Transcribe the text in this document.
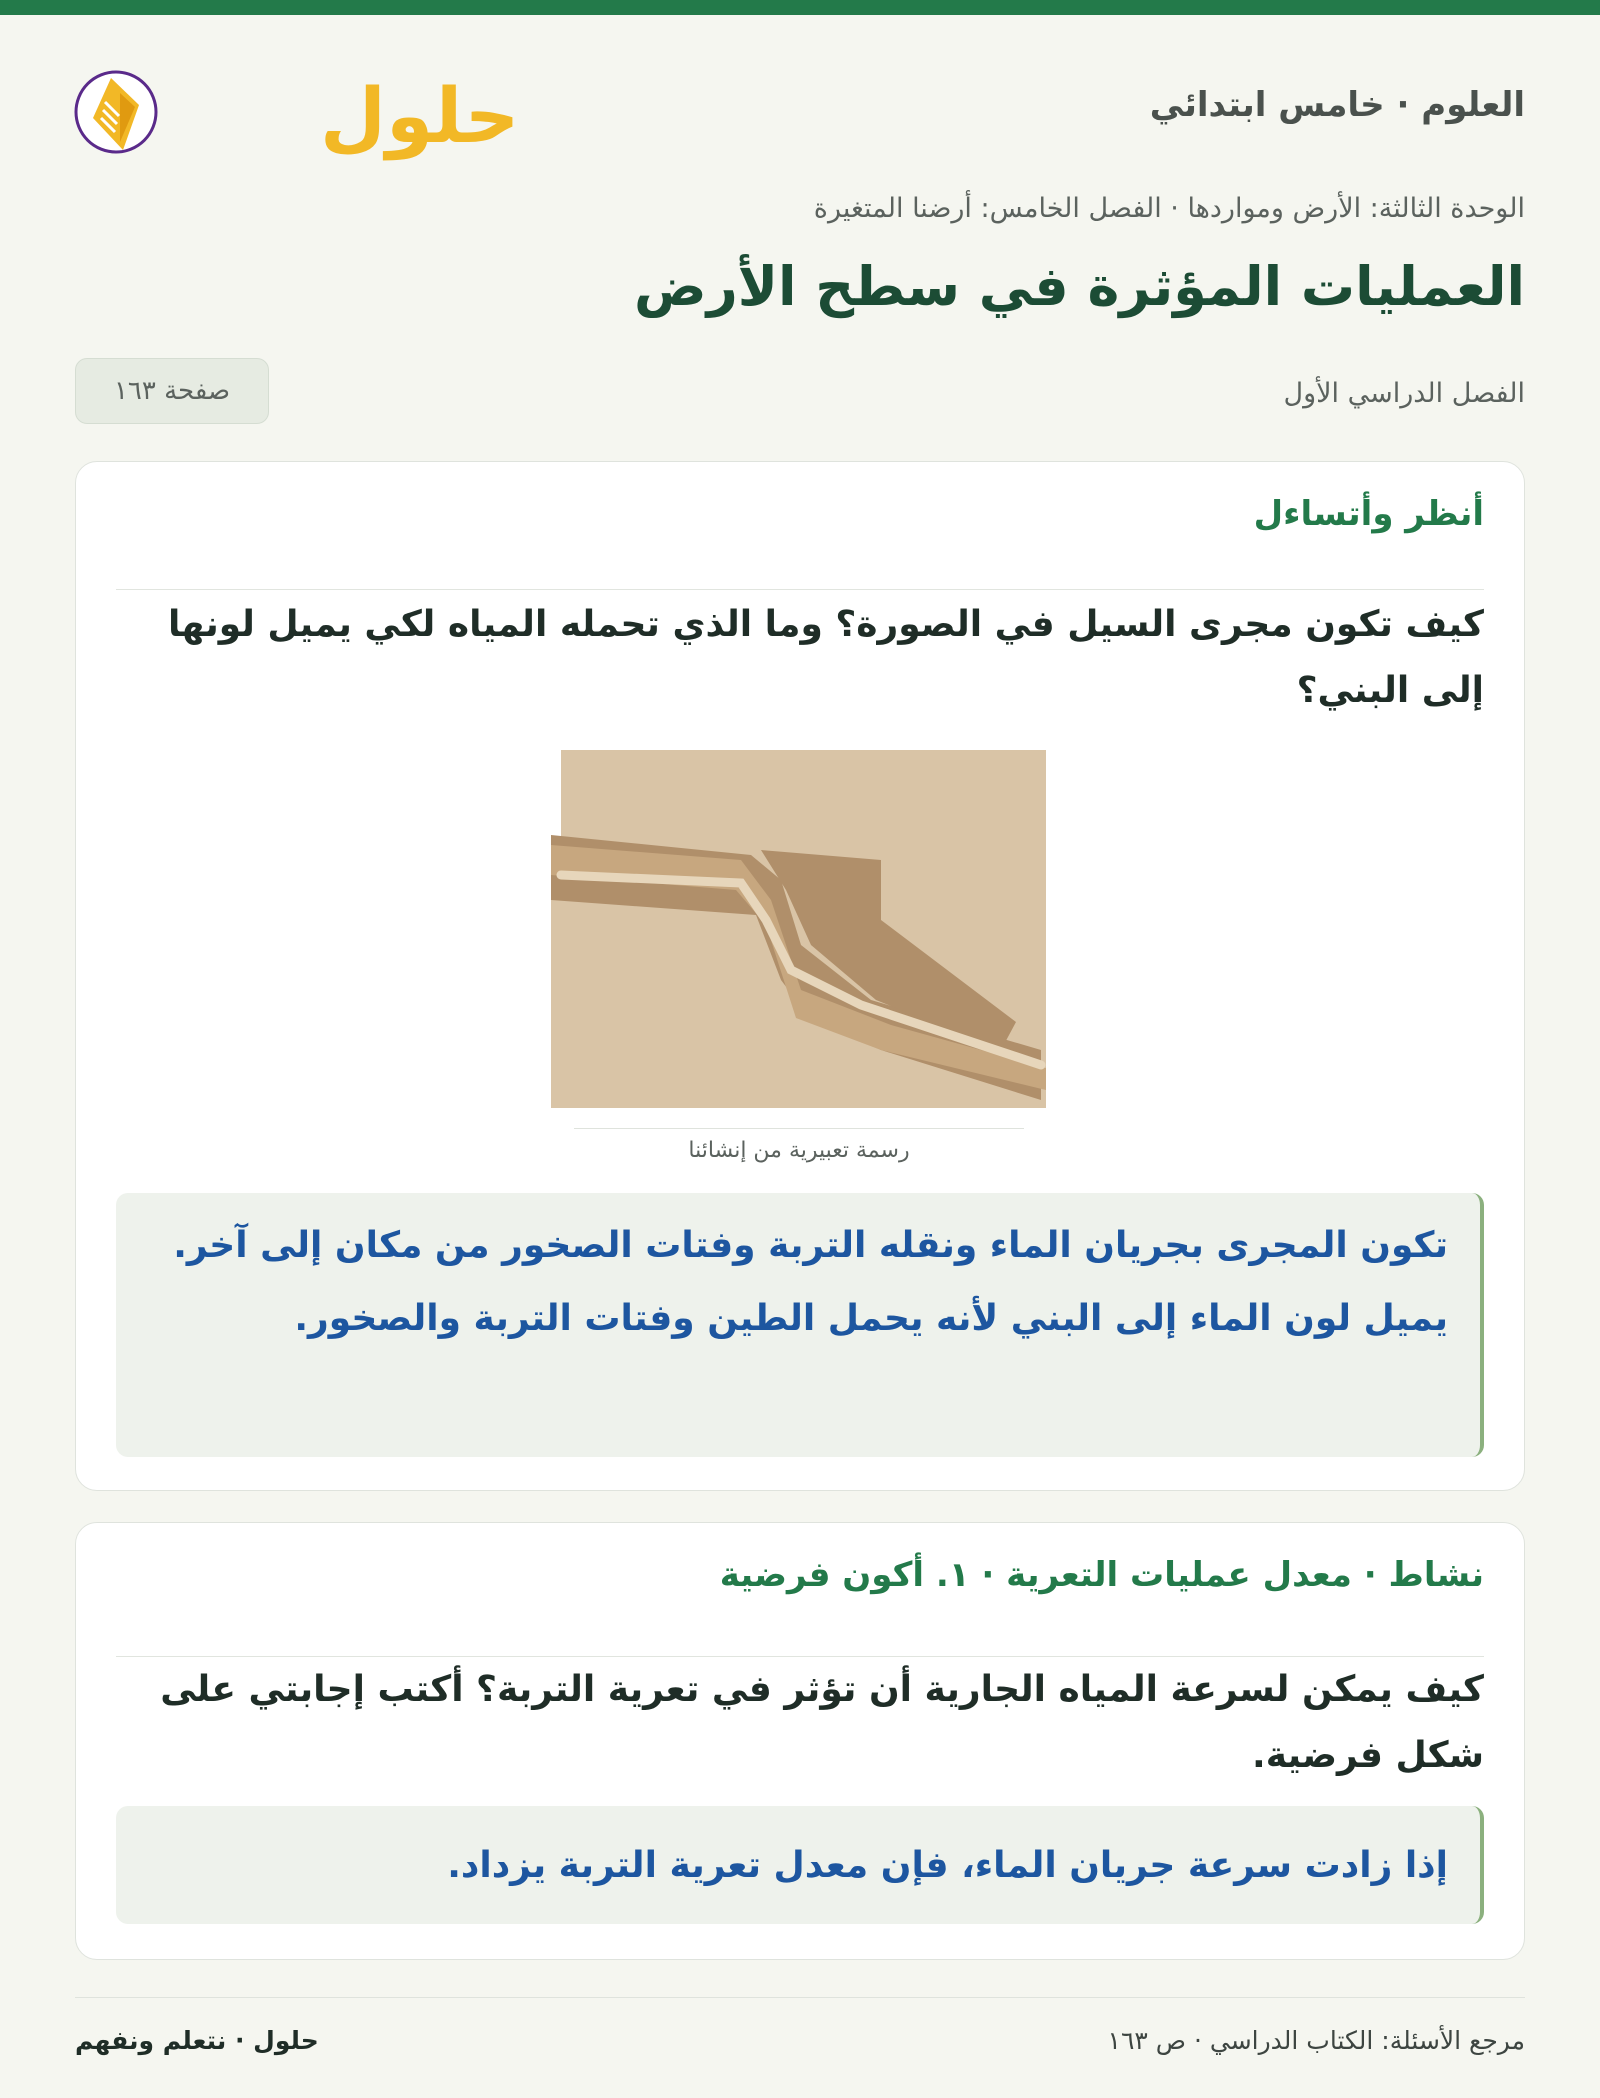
العلوم · خامس ابتدائي
حلول
الوحدة الثالثة: الأرض ومواردها · الفصل الخامس: أرضنا المتغيرة
العمليات المؤثرة في سطح الأرض
الفصل الدراسي الأول
صفحة ١٦٣
أنظر وأتساءل

كيف تكون مجرى السيل في الصورة؟ وما الذي تحمله المياه لكي يميل لونها إلى البني؟

رسمة تعبيرية من إنشائنا
تكون المجرى بجريان الماء ونقله التربة وفتات الصخور من مكان إلى آخر. يميل لون الماء إلى البني لأنه يحمل الطين وفتات التربة والصخور.
نشاط · معدل عمليات التعرية · ١. أكون فرضية

كيف يمكن لسرعة المياه الجارية أن تؤثر في تعرية التربة؟ أكتب إجابتي على شكل فرضية.

إذا زادت سرعة جريان الماء، فإن معدل تعرية التربة يزداد.
مرجع الأسئلة: الكتاب الدراسي · ص ١٦٣
حلول · نتعلم ونفهم
